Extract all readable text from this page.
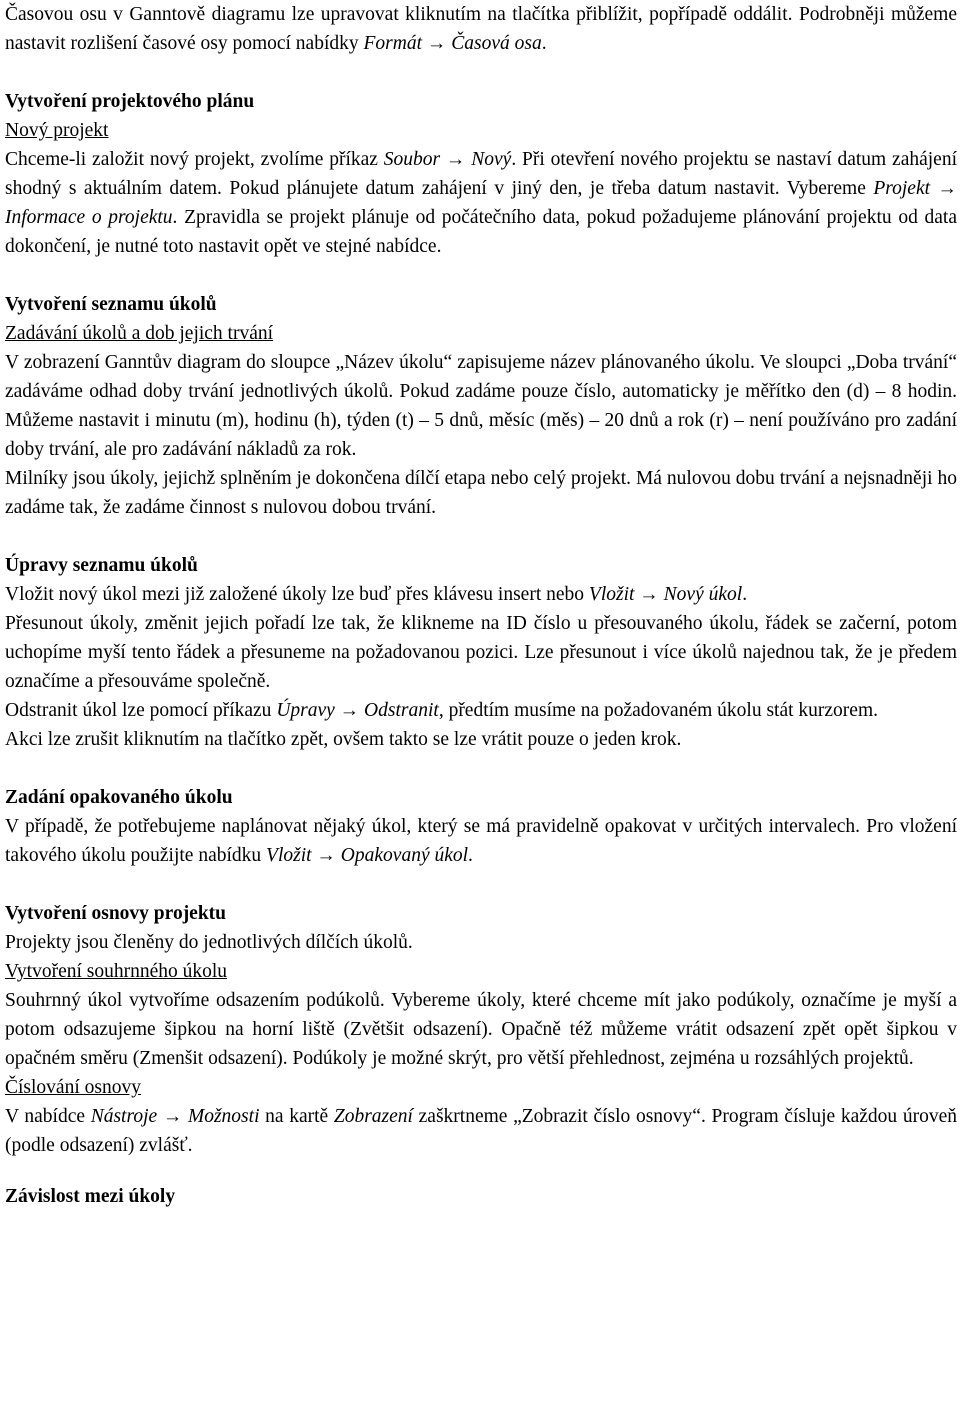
Časovou osu v Ganntově diagramu lze upravovat kliknutím na tlačítka přiblížit, popřípadě oddálit. Podrobněji můžeme nastavit rozlišení časové osy pomocí nabídky Formát → Časová osa.

Vytvoření projektového plánu

Nový projekt

Chceme-li založit nový projekt, zvolíme příkaz Soubor → Nový. Při otevření nového projektu se nastaví datum zahájení shodný s aktuálním datem. Pokud plánujete datum zahájení v jiný den, je třeba datum nastavit. Vybereme Projekt → Informace o projektu. Zpravidla se projekt plánuje od počátečního data, pokud požadujeme plánování projektu od data dokončení, je nutné toto nastavit opět ve stejné nabídce.

Vytvoření seznamu úkolů

Zadávání úkolů a dob jejich trvání

V zobrazení Ganntův diagram do sloupce „Název úkolu“ zapisujeme název plánovaného úkolu. Ve sloupci „Doba trvání“ zadáváme odhad doby trvání jednotlivých úkolů. Pokud zadáme pouze číslo, automaticky je měřítko den (d) – 8 hodin. Můžeme nastavit i minutu (m), hodinu (h), týden (t) – 5 dnů, měsíc (měs) – 20 dnů a rok (r) – není používáno pro zadání doby trvání, ale pro zadávání nákladů za rok.

Milníky jsou úkoly, jejichž splněním je dokončena dílčí etapa nebo celý projekt. Má nulovou dobu trvání a nejsnadněji ho zadáme tak, že zadáme činnost s nulovou dobou trvání.

Úpravy seznamu úkolů

Vložit nový úkol mezi již založené úkoly lze buď přes klávesu insert nebo Vložit → Nový úkol.

Přesunout úkoly, změnit jejich pořadí lze tak, že klikneme na ID číslo u přesouvaného úkolu, řádek se začerní, potom uchopíme myší tento řádek a přesuneme na požadovanou pozici. Lze přesunout i více úkolů najednou tak, že je předem označíme a přesouváme společně.

Odstranit úkol lze pomocí příkazu Úpravy → Odstranit, předtím musíme na požadovaném úkolu stát kurzorem.

Akci lze zrušit kliknutím na tlačítko zpět, ovšem takto se lze vrátit pouze o jeden krok.

Zadání opakovaného úkolu

V případě, že potřebujeme naplánovat nějaký úkol, který se má pravidelně opakovat v určitých intervalech. Pro vložení takového úkolu použijte nabídku Vložit → Opakovaný úkol.

Vytvoření osnovy projektu

Projekty jsou členěny do jednotlivých dílčích úkolů.

Vytvoření souhrnného úkolu

Souhrnný úkol vytvoříme odsazením podúkolů. Vybereme úkoly, které chceme mít jako podúkoly, označíme je myší a potom odsazujeme šipkou na horní liště (Zvětšit odsazení). Opačně též můžeme vrátit odsazení zpět opět šipkou v opačném směru (Zmenšit odsazení). Podúkoly je možné skrýt, pro větší přehlednost, zejména u rozsáhlých projektů.

Číslování osnovy

V nabídce Nástroje → Možnosti na kartě Zobrazení zaškrtneme „Zobrazit číslo osnovy“. Program čísluje každou úroveň (podle odsazení) zvlášť.

Závislost mezi úkoly
